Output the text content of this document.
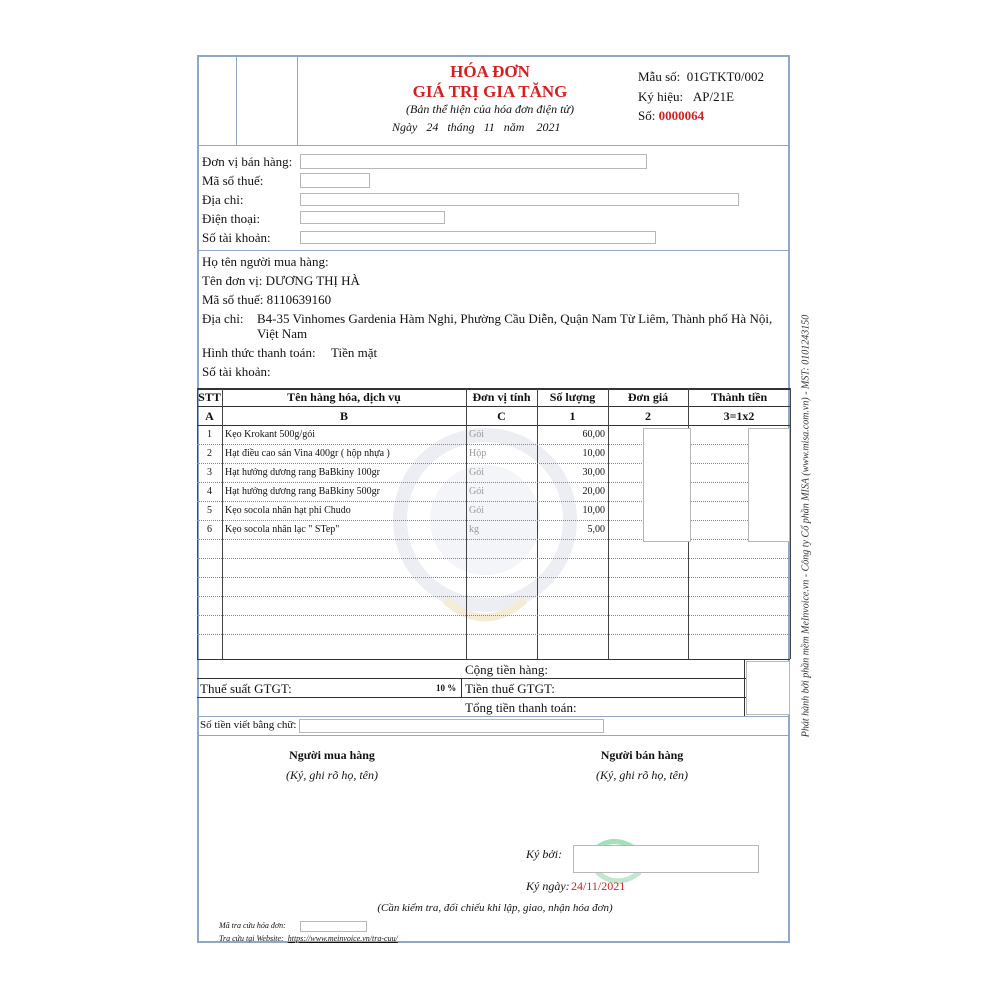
HÓA ĐƠN
GIÁ TRỊ GIA TĂNG
(Bản thể hiện của hóa đơn điện tử)
Ngày 24 tháng 11 năm 2021
Mẫu số: 01GTKT0/002
Ký hiệu: AP/21E
Số: 0000064
Đơn vị bán hàng:
Mã số thuế:
Địa chỉ:
Điện thoại:
Số tài khoản:
Họ tên người mua hàng:
Tên đơn vị: DƯƠNG THỊ HÀ
Mã số thuế: 8110639160
Địa chỉ: B4-35 Vinhomes Gardenia Hàm Nghi, Phường Cầu Diễn, Quận Nam Từ Liêm, Thành phố Hà Nội,
Việt Nam
Hình thức thanh toán: Tiền mặt
Số tài khoản:
STT	Tên hàng hóa, dịch vụ	Đơn vị tính	Số lượng	Đơn giá	Thành tiền
A	B	C	1	2	3=1x2
1	Kẹo Krokant 500g/gói	Gói	60,00
2	Hạt điều cao sản Vina 400gr ( hộp nhựa )	Hộp	10,00
3	Hạt hướng dương rang BaBkiny 100gr	Gói	30,00
4	Hạt hướng dương rang BaBkiny 500gr	Gói	20,00
5	Kẹo socola nhân hạt phỉ Chudo	Gói	10,00
6	Kẹo socola nhân lạc " STep"	kg	5,00
Cộng tiền hàng:
Thuế suất GTGT:	10 % Tiền thuế GTGT:
Tổng tiền thanh toán:
Số tiền viết bằng chữ:
Người mua hàng
(Ký, ghi rõ họ, tên)
Người bán hàng
(Ký, ghi rõ họ, tên)
Ký bởi:
Ký ngày: 24/11/2021
(Cần kiểm tra, đối chiếu khi lập, giao, nhận hóa đơn)
Mã tra cứu hóa đơn:
Tra cứu tại Website: https://www.meinvoice.vn/tra-cuu/
Phát hành bởi phần mềm MeInvoice.vn - Công ty Cổ phần MISA (www.misa.com.vn) - MST: 0101243150
